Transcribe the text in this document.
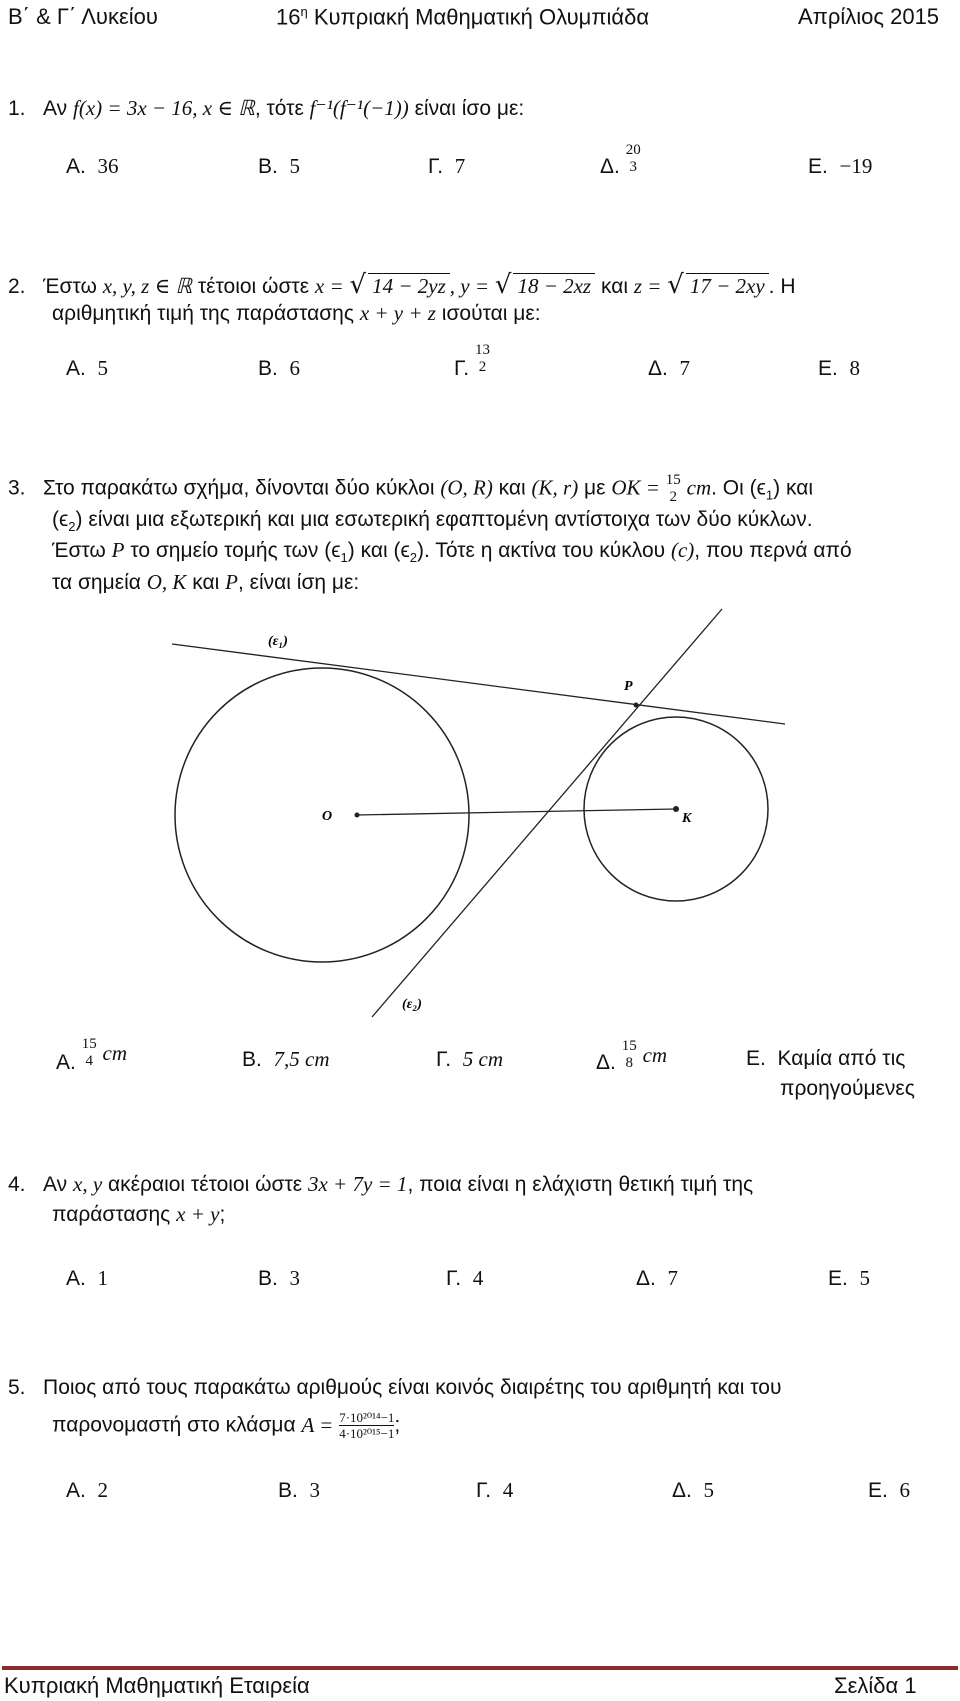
Β΄ & Γ΄ Λυκείου	$16^\eta$ Κυπριακή Μαθηματική Ολυμπιάδα	Απρίλιος 2015
1. Αν f(x) = 3x − 16, x ∈ ℝ, τότε f⁻¹(f⁻¹(−1)) είναι ίσο με:
Α. 36	Β. 5	Γ. 7	Δ.
20
3	Ε. −19
2. Έστω x, y, z ∈ ℝ τέτοιοι ώστε x = √ 14 − 2yz , y = √ 18 − 2xz και z = √ 17 − 2xy . Η
αριθμητική τιμή της παράστασης x + y + z ισούται με:
Α. 5	Β. 6	Γ.
13
2	Δ. 7	Ε. 8
3. Στο παρακάτω σχήμα, δίνονται δύο κύκλοι (O, R) και (K, r) με OK = 15
2 cm. Οι $(\epsilon_1)$ και
$(\epsilon_2)$ είναι μια εξωτερική και μια εσωτερική εφαπτομένη αντίστοιχα των δύο κύκλων.
Έστω P το σημείο τομής των $(\epsilon_1)$ και $(\epsilon_2)$. Τότε η ακτίνα του κύκλου (c), που περνά από
τα σημεία O, K και P, είναι ίση με:
(ε₁)
P
O	K
(ε₂)
Α.
15
4 cm	Β. 7,5 cm	Γ. 5 cm	Δ.
15
8 cm	Ε. Καμία από τις
προηγούμενες
4. Αν x, y ακέραιοι τέτοιοι ώστε 3x + 7y = 1, ποια είναι η ελάχιστη θετική τιμή της
παράστασης x + y;
Α. 1	Β. 3	Γ. 4	Δ. 7	Ε. 5
5. Ποιος από τους παρακάτω αριθμούς είναι κοινός διαιρέτης του αριθμητή και του
παρονομαστή στο κλάσμα $A = \frac{\text{7·10²⁰¹⁴−1}}{\text{4·10²⁰¹⁵−1}}$ ;
Α. 2	Β. 3	Γ. 4	Δ. 5	Ε. 6
Κυπριακή Μαθηματική Εταιρεία	Σελίδα 1
